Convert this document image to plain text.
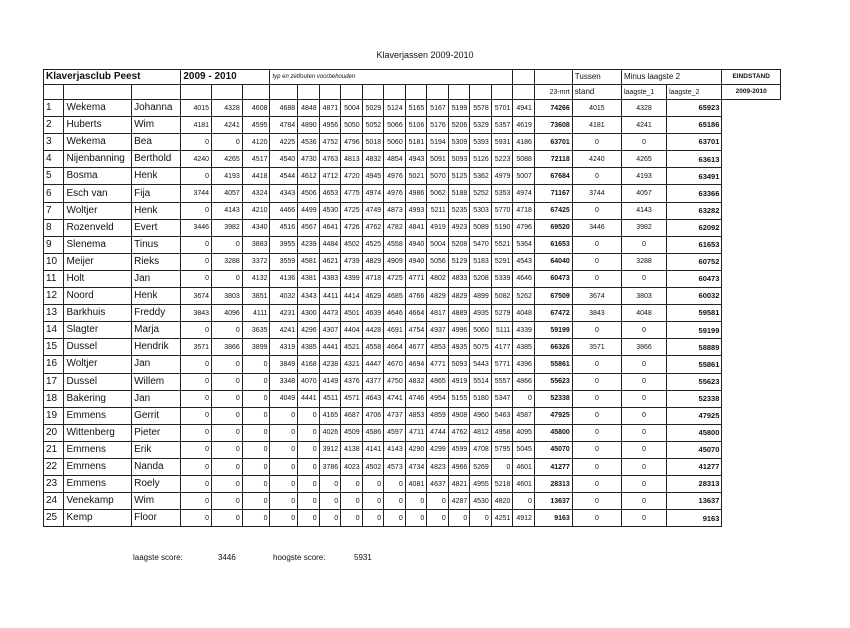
Klaverjassen 2009-2010
Klaverjasclub Peest			2009 - 2010			typ en zetfouten voorbehouden													Tussen	Minus laagste 2		EINDSTAND
																		23-mrt	stand	laagste_1	laagste_2	2009-2010
1	Wekema	Johanna	4015	4328	4608	4688	4848	4871	5004	5029	5124	5165	5167	5199	5578	5701	4941	74266	4015	4328	65923	
2	Huberts	Wim	4181	4241	4595	4784	4890	4956	5050	5052	5066	5106	5176	5206	5329	5357	4619	73608	4181	4241	65186	
3	Wekema	Bea	0	0	4120	4225	4536	4752	4796	5018	5060	5181	5194	5309	5393	5931	4186	63701	0	0	63701	
4	Nijenbanning	Berthold	4240	4265	4517	4540	4730	4763	4813	4832	4854	4943	5091	5093	5126	5223	5088	72118	4240	4265	63613	
5	Bosma	Henk	0	4193	4418	4544	4612	4712	4720	4945	4976	5021	5070	5125	5362	4979	5007	67684	0	4193	63491	
6	Esch van	Fija	3744	4057	4324	4343	4506	4653	4775	4974	4976	4986	5062	5188	5252	5353	4974	71167	3744	4057	63366	
7	Woltjer	Henk	0	4143	4210	4466	4499	4530	4725	4749	4873	4993	5211	5235	5303	5770	4718	67425	0	4143	63282	
8	Rozenveld	Evert	3446	3982	4340	4516	4567	4641	4726	4762	4782	4841	4919	4923	5089	5190	4796	69520	3446	3982	62092	
9	Slenema	Tinus	0	0	3883	3955	4239	4484	4502	4525	4558	4940	5004	5208	5470	5521	5364	61653	0	0	61653	
10	Meijer	Rieks	0	3288	3372	3559	4581	4621	4739	4829	4909	4940	5056	5129	5183	5291	4543	64040	0	3288	60752	
11	Holt	Jan	0	0	4132	4136	4381	4383	4399	4718	4725	4771	4802	4833	5208	5339	4646	60473	0	0	60473	
12	Noord	Henk	3674	3803	3851	4032	4343	4411	4414	4629	4685	4766	4829	4829	4899	5082	5262	67509	3674	3803	60032	
13	Barkhuis	Freddy	3843	4096	4111	4231	4300	4473	4501	4639	4646	4664	4817	4889	4935	5279	4048	67472	3843	4048	59581	
14	Slagter	Marja	0	0	3635	4241	4296	4307	4404	4428	4691	4754	4937	4996	5060	5111	4339	59199	0	0	59199	
15	Dussel	Hendrik	3571	3866	3899	4319	4385	4441	4521	4558	4664	4677	4853	4935	5075	4177	4385	66326	3571	3866	58889	
16	Woltjer	Jan	0	0	0	3849	4168	4238	4321	4447	4670	4694	4771	5093	5443	5771	4396	55861	0	0	55861	
17	Dussel	Willem	0	0	0	3348	4070	4149	4376	4377	4750	4832	4865	4919	5514	5557	4866	55623	0	0	55623	
18	Bakering	Jan	0	0	0	4049	4441	4511	4571	4643	4741	4746	4954	5155	5180	5347	0	52338	0	0	52338	
19	Emmens	Gerrit	0	0	0	0	0	4165	4687	4706	4737	4853	4859	4908	4960	5463	4587	47925	0	0	47925	
20	Wittenberg	Pieter	0	0	0	0	0	4026	4509	4586	4597	4711	4744	4762	4812	4958	4095	45800	0	0	45800	
21	Emmens	Erik	0	0	0	0	0	3912	4138	4141	4143	4290	4299	4599	4708	5795	5045	45070	0	0	45070	
22	Emmens	Nanda	0	0	0	0	0	3786	4023	4502	4573	4734	4823	4966	5269	0	4601	41277	0	0	41277	
23	Emmens	Roely	0	0	0	0	0	0	0	0	0	4081	4637	4821	4955	5218	4601	28313	0	0	28313	
24	Venekamp	Wim	0	0	0	0	0	0	0	0	0	0	0	4287	4530	4820	0	13637	0	0	13637	
25	Kemp	Floor	0	0	0	0	0	0	0	0	0	0	0	0	0	4251	4912	9163	0	0	9163	
laagste score:	3446	hoogste score:	5931
